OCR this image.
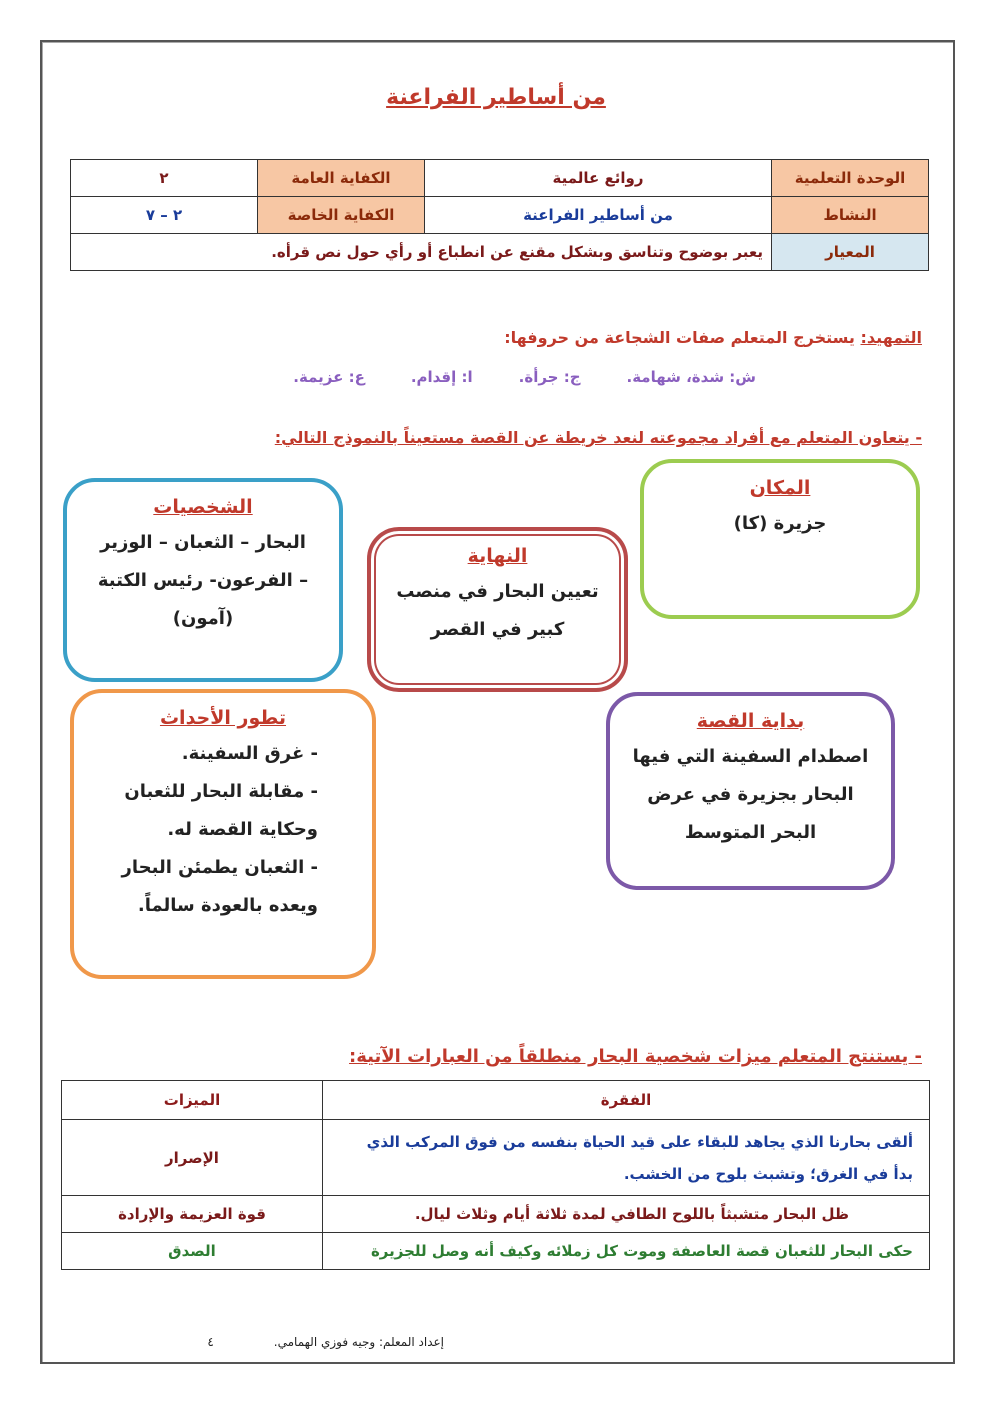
من أساطير الفراعنة
الوحدة التعلمية	روائع عالمية	الكفاية العامة	٢
النشاط	من أساطير الفراعنة	الكفاية الخاصة	٢ – ٧
المعيار	يعبر بوضوح وتناسق وبشكل مقنع عن انطباع أو رأي حول نص قرأه.		
التمهيد: يستخرج المتعلم صفات الشجاعة من حروفها:
ش: شدة، شهامة.
ج: جرأة.
ا: إقدام.
ع: عزيمة.
- يتعاون المتعلم مع أفراد مجموعته لنعد خريطة عن القصة مستعيناً بالنموذج التالي:
المكان
جزيرة (كا)
الشخصيات
البحار – الثعبان – الوزير
– الفرعون- رئيس الكتبة
(آمون)
النهاية
تعيين البحار في منصب
كبير في القصر
بداية القصة
اصطدام السفينة التي فيها
البحار بجزيرة في عرض
البحر المتوسط
تطور الأحداث
- غرق السفينة.
- مقابلة البحار للثعبان
وحكاية القصة له.
- الثعبان يطمئن البحار
ويعده بالعودة سالماً.
- يستنتج المتعلم ميزات شخصية البحار منطلقاً من العبارات الآتية:
الفقرة	الميزات

ألقى بحارنا الذي يجاهد للبقاء على قيد الحياة بنفسه من فوق المركب الذي
بدأ في الغرق؛ وتشبث بلوح من الخشب.	الإصرار
ظل البحار متشبثاً باللوح الطافي لمدة ثلاثة أيام وثلاث ليال.	قوة العزيمة والإرادة
حكى البحار للثعبان قصة العاصفة وموت كل زملائه وكيف أنه وصل للجزيرة	الصدق
إعداد المعلم: وجيه فوزي الهمامي.
٤
